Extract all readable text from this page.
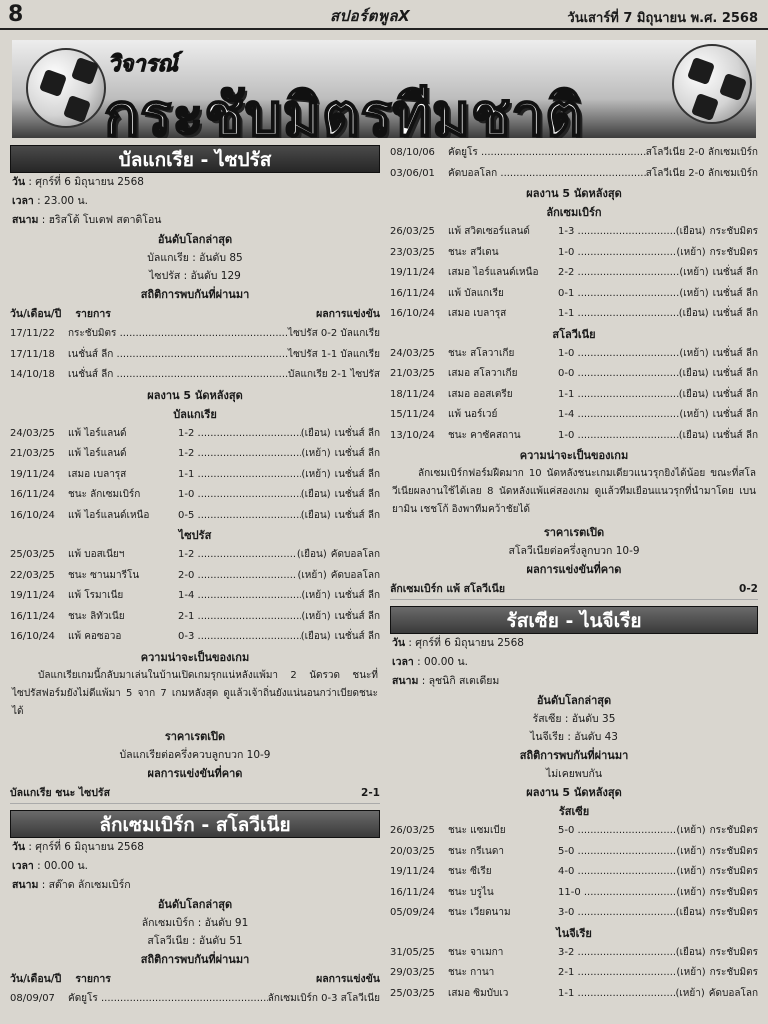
8	สปอร์ตพูลX	วันเสาร์ที่ 7 มิถุนายน พ.ศ. 2568
วิจารณ์
กระชับมิตรทีมชาติ
บัลแกเรีย - ไซปรัส
วัน : ศุกร์ที่ 6 มิถุนายน 2568
เวลา : 23.00 น.
สนาม : ฮริสโต้ โบเตฟ สตาดิโอน
อันดับโลกล่าสุด
บัลแกเรีย : อันดับ 85
ไซปรัส : อันดับ 129
สถิติการพบกันที่ผ่านมา
วัน/เดือน/ปี	รายการ	ผลการแข่งขัน
17/11/22	กระชับมิตร .....	ไซปรัส 0-2 บัลแกเรีย
17/11/18	เนชั่นส์ ลีก .....	ไซปรัส 1-1 บัลแกเรีย
14/10/18	เนชั่นส์ ลีก .....	บัลแกเรีย 2-1 ไซปรัส
ผลงาน 5 นัดหลังสุด
บัลแกเรีย
24/03/25	แพ้ ไอร์แลนด์	1-2 .....	(เยือน) เนชั่นส์ ลีก
21/03/25	แพ้ ไอร์แลนด์	1-2 .....	(เหย้า) เนชั่นส์ ลีก
19/11/24	เสมอ เบลารุส	1-1 .....	(เหย้า) เนชั่นส์ ลีก
16/11/24	ชนะ ลักเซมเบิร์ก	1-0 .....	(เยือน) เนชั่นส์ ลีก
16/10/24	แพ้ ไอร์แลนด์เหนือ	0-5 .....	(เยือน) เนชั่นส์ ลีก
ไซปรัส
25/03/25	แพ้ บอสเนียฯ	1-2 .....	(เยือน) คัดบอลโลก
22/03/25	ชนะ ซานมารีโน	2-0 .....	(เหย้า) คัดบอลโลก
19/11/24	แพ้ โรมาเนีย	1-4 .....	(เหย้า) เนชั่นส์ ลีก
16/11/24	ชนะ ลิทัวเนีย	2-1 .....	(เหย้า) เนชั่นส์ ลีก
16/10/24	แพ้ คอซอวอ	0-3 .....	(เยือน) เนชั่นส์ ลีก
ความน่าจะเป็นของเกม
บัลแกเรียเกมนี้กลับมาเล่นในบ้านเปิดเกมรุกแน่หลังแพ้มา 2 นัดรวด ชนะที่ไซปรัสฟอร์มยังไม่ดีแพ้มา 5 จาก 7 เกมหลังสุด ดูแล้วเจ้าถิ่นยังแน่นอนกว่าเบียดชนะได้
ราคาเรตเปิด
บัลแกเรียต่อครึ่งควบลูกบวก 10-9
ผลการแข่งขันที่คาด
บัลแกเรีย ชนะ ไซปรัส	2-1
ลักเซมเบิร์ก - สโลวีเนีย
วัน : ศุกร์ที่ 6 มิถุนายน 2568
เวลา : 00.00 น.
สนาม : สต๊าด ลักเซมเบิร์ก
อันดับโลกล่าสุด
ลักเซมเบิร์ก : อันดับ 91
สโลวีเนีย : อันดับ 51
สถิติการพบกันที่ผ่านมา
วัน/เดือน/ปี	รายการ	ผลการแข่งขัน
08/09/07	คัดยูโร .....	ลักเซมเบิร์ก 0-3 สโลวีเนีย
08/10/06	คัดยูโร .....	สโลวีเนีย 2-0 ลักเซมเบิร์ก
03/06/01	คัดบอลโลก .....	สโลวีเนีย 2-0 ลักเซมเบิร์ก
ผลงาน 5 นัดหลังสุด
ลักเซมเบิร์ก
26/03/25	แพ้ สวิตเซอร์แลนด์	1-3 .....	(เยือน) กระชับมิตร
23/03/25	ชนะ สวีเดน	1-0 .....	(เหย้า) กระชับมิตร
19/11/24	เสมอ ไอร์แลนด์เหนือ	2-2 .....	(เหย้า) เนชั่นส์ ลีก
16/11/24	แพ้ บัลแกเรีย	0-1 .....	(เหย้า) เนชั่นส์ ลีก
16/10/24	เสมอ เบลารุส	1-1 .....	(เยือน) เนชั่นส์ ลีก
สโลวีเนีย
24/03/25	ชนะ สโลวาเกีย	1-0 .....	(เหย้า) เนชั่นส์ ลีก
21/03/25	เสมอ สโลวาเกีย	0-0 .....	(เยือน) เนชั่นส์ ลีก
18/11/24	เสมอ ออสเตรีย	1-1 .....	(เยือน) เนชั่นส์ ลีก
15/11/24	แพ้ นอร์เวย์	1-4 .....	(เหย้า) เนชั่นส์ ลีก
13/10/24	ชนะ คาซัคสถาน	1-0 .....	(เยือน) เนชั่นส์ ลีก
ความน่าจะเป็นของเกม
ลักเซมเบิร์กฟอร์มฝืดมาก 10 นัดหลังชนะเกมเดียวแนวรุกยิงได้น้อย ขณะที่สโลวีเนียผลงานใช้ได้เลย 8 นัดหลังแพ้แค่สองเกม ดูแล้วทีมเยือนแนวรุกที่นำมาโดย เบนยามิน เชชโก้ อิงพาทีมคว้าชัยได้
ราคาเรตเปิด
สโลวีเนียต่อครึ่งลูกบวก 10-9
ผลการแข่งขันที่คาด
ลักเซมเบิร์ก แพ้ สโลวีเนีย	0-2
รัสเซีย - ไนจีเรีย
วัน : ศุกร์ที่ 6 มิถุนายน 2568
เวลา : 00.00 น.
สนาม : ลุชนิกิ สเตเดียม
อันดับโลกล่าสุด
รัสเซีย : อันดับ 35
ไนจีเรีย : อันดับ 43
สถิติการพบกันที่ผ่านมา
ไม่เคยพบกัน
ผลงาน 5 นัดหลังสุด
รัสเซีย
26/03/25	ชนะ แซมเบีย	5-0 .....	(เหย้า) กระชับมิตร
20/03/25	ชนะ กรีเนดา	5-0 .....	(เหย้า) กระชับมิตร
19/11/24	ชนะ ซีเรีย	4-0 .....	(เหย้า) กระชับมิตร
16/11/24	ชนะ บรูไน	11-0 .....	(เหย้า) กระชับมิตร
05/09/24	ชนะ เวียดนาม	3-0 .....	(เยือน) กระชับมิตร
ไนจีเรีย
31/05/25	ชนะ จาเมกา	3-2 .....	(เยือน) กระชับมิตร
29/03/25	ชนะ กานา	2-1 .....	(เหย้า) กระชับมิตร
25/03/25	เสมอ ซิมบับเว	1-1 .....	(เหย้า) คัดบอลโลก
